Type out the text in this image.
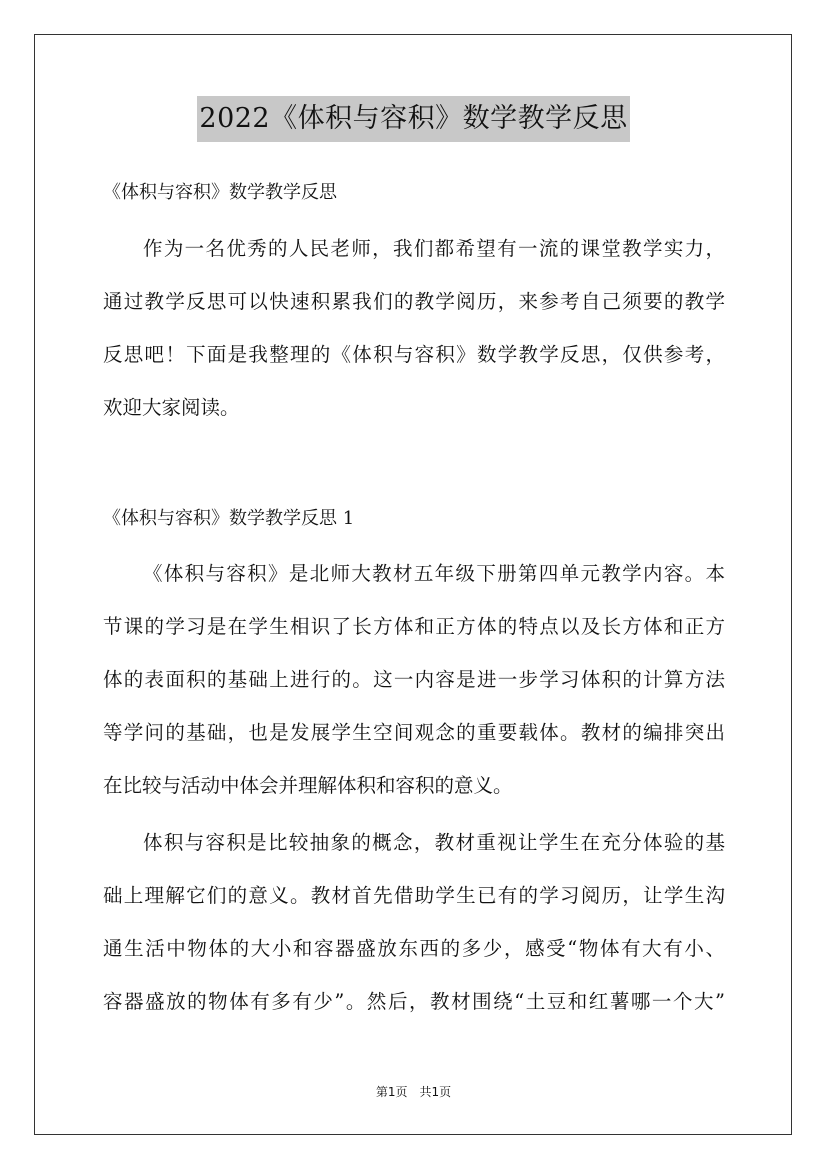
2022《体积与容积》数学教学反思
《体积与容积》数学教学反思
作为一名优秀的人民老师，我们都希望有一流的课堂教学实力，
通过教学反思可以快速积累我们的教学阅历，来参考自己须要的教学
反思吧！下面是我整理的《体积与容积》数学教学反思，仅供参考，
欢迎大家阅读。
《体积与容积》数学教学反思 1
《体积与容积》是北师大教材五年级下册第四单元教学内容。本
节课的学习是在学生相识了长方体和正方体的特点以及长方体和正方
体的表面积的基础上进行的。这一内容是进一步学习体积的计算方法
等学问的基础，也是发展学生空间观念的重要载体。教材的编排突出
在比较与活动中体会并理解体积和容积的意义。
体积与容积是比较抽象的概念，教材重视让学生在充分体验的基
础上理解它们的意义。教材首先借助学生已有的学习阅历，让学生沟
通生活中物体的大小和容器盛放东西的多少，感受“物体有大有小、
容器盛放的物体有多有少”。然后，教材围绕“土豆和红薯哪一个大”
第1页　共1页
